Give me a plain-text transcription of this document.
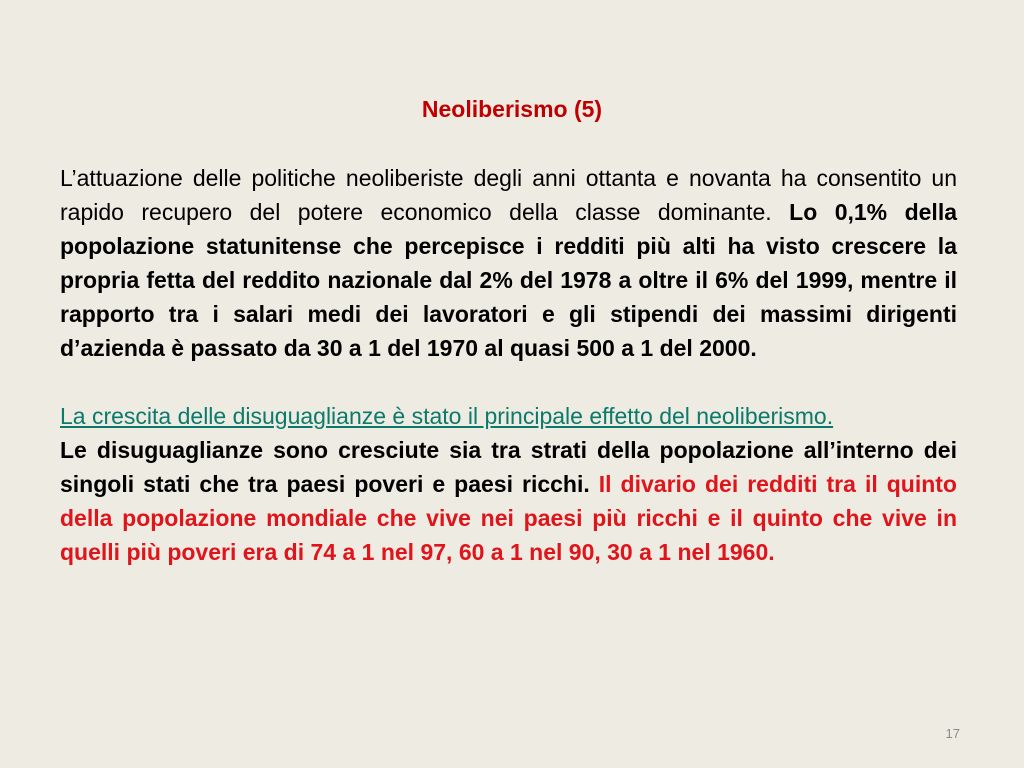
Neoliberismo (5)

L’attuazione delle politiche neoliberiste degli anni ottanta e novanta ha consentito un rapido recupero del potere economico della classe dominante. Lo 0,1% della popolazione statunitense che percepisce i redditi più alti ha visto crescere la propria fetta del reddito nazionale dal 2% del 1978 a oltre il 6% del 1999, mentre il rapporto tra i salari medi dei lavoratori e gli stipendi dei massimi dirigenti d’azienda è passato da 30 a 1 del 1970 al quasi 500 a 1 del 2000.

La crescita delle disuguaglianze è stato il principale effetto del neoliberismo.

Le disuguaglianze sono cresciute sia tra strati della popolazione all’interno dei singoli stati che tra paesi poveri e paesi ricchi. Il divario dei redditi tra il quinto della popolazione mondiale che vive nei paesi più ricchi e il quinto che vive in quelli più poveri era di 74 a 1 nel 97, 60 a 1 nel 90, 30 a 1 nel 1960.

17
